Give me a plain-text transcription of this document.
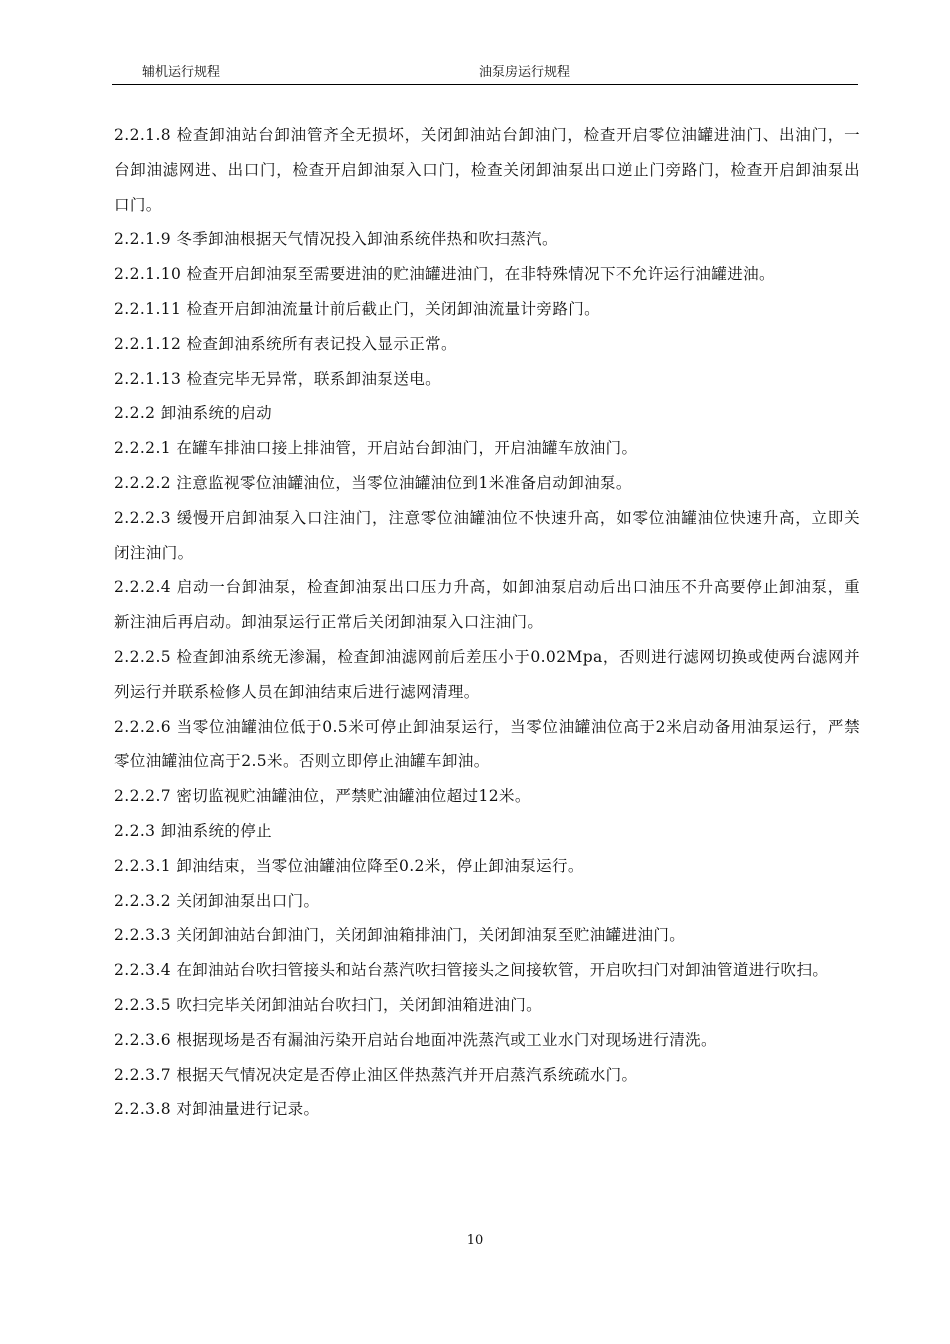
辅机运行规程	油泵房运行规程

2.2.1.8 检查卸油站台卸油管齐全无损坏，关闭卸油站台卸油门，检查开启零位油罐进油门、出油门，一台卸油滤网进、出口门，检查开启卸油泵入口门，检查关闭卸油泵出口逆止门旁路门，检查开启卸油泵出口门。

2.2.1.9 冬季卸油根据天气情况投入卸油系统伴热和吹扫蒸汽。

2.2.1.10 检查开启卸油泵至需要进油的贮油罐进油门，在非特殊情况下不允许运行油罐进油。

2.2.1.11 检查开启卸油流量计前后截止门，关闭卸油流量计旁路门。

2.2.1.12 检查卸油系统所有表记投入显示正常。

2.2.1.13 检查完毕无异常，联系卸油泵送电。

2.2.2 卸油系统的启动

2.2.2.1 在罐车排油口接上排油管，开启站台卸油门，开启油罐车放油门。

2.2.2.2 注意监视零位油罐油位，当零位油罐油位到1米准备启动卸油泵。

2.2.2.3 缓慢开启卸油泵入口注油门，注意零位油罐油位不快速升高，如零位油罐油位快速升高，立即关闭注油门。

2.2.2.4 启动一台卸油泵，检查卸油泵出口压力升高，如卸油泵启动后出口油压不升高要停止卸油泵，重新注油后再启动。卸油泵运行正常后关闭卸油泵入口注油门。

2.2.2.5 检查卸油系统无渗漏，检查卸油滤网前后差压小于0.02Mpa，否则进行滤网切换或使两台滤网并列运行并联系检修人员在卸油结束后进行滤网清理。

2.2.2.6 当零位油罐油位低于0.5米可停止卸油泵运行，当零位油罐油位高于2米启动备用油泵运行，严禁零位油罐油位高于2.5米。否则立即停止油罐车卸油。

2.2.2.7 密切监视贮油罐油位，严禁贮油罐油位超过12米。

2.2.3 卸油系统的停止

2.2.3.1 卸油结束，当零位油罐油位降至0.2米，停止卸油泵运行。

2.2.3.2 关闭卸油泵出口门。

2.2.3.3 关闭卸油站台卸油门，关闭卸油箱排油门，关闭卸油泵至贮油罐进油门。

2.2.3.4 在卸油站台吹扫管接头和站台蒸汽吹扫管接头之间接软管，开启吹扫门对卸油管道进行吹扫。

2.2.3.5 吹扫完毕关闭卸油站台吹扫门，关闭卸油箱进油门。

2.2.3.6 根据现场是否有漏油污染开启站台地面冲洗蒸汽或工业水门对现场进行清洗。

2.2.3.7 根据天气情况决定是否停止油区伴热蒸汽并开启蒸汽系统疏水门。

2.2.3.8 对卸油量进行记录。

10
